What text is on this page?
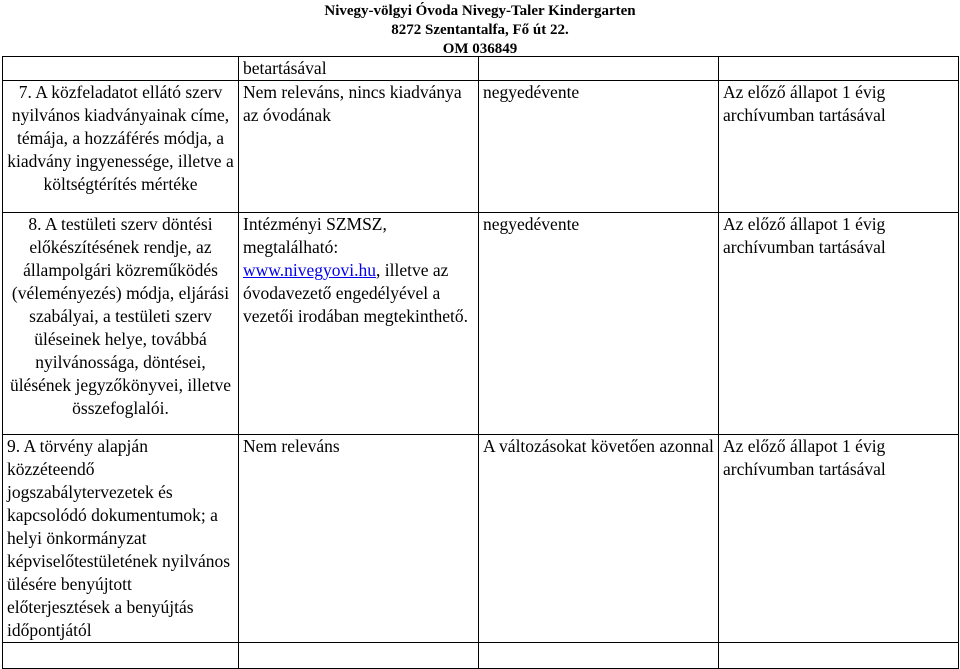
Nivegy-völgyi Óvoda Nivegy-Taler Kindergarten
8272 Szentantalfa, Fő út 22.
OM 036849
	betartásával		
7. A közfeladatot ellátó szerv nyilvános kiadványainak címe, témája, a hozzáférés módja, a kiadvány ingyenessége, illetve a költségtérítés mértéke	Nem releváns, nincs kiadványa az óvodának	negyedévente	Az előző állapot 1 évig archívumban tartásával
8. A testületi szerv döntési előkészítésének rendje, az állampolgári közreműködés (véleményezés) módja, eljárási szabályai, a testületi szerv üléseinek helye, továbbá nyilvánossága, döntései, ülésének jegyzőkönyvei, illetve összefoglalói.	Intézményi SZMSZ, megtalálható: www.nivegyovi.hu, illetve az óvodavezető engedélyével a vezetői irodában megtekinthető.	negyedévente	Az előző állapot 1 évig archívumban tartásával
9. A törvény alapján közzéteendő jogszabálytervezetek és kapcsolódó dokumentumok; a helyi önkormányzat képviselőtestületének nyilvános ülésére benyújtott előterjesztések a benyújtás időpontjától	Nem releváns	A változásokat követően azonnal	Az előző állapot 1 évig archívumban tartásával
